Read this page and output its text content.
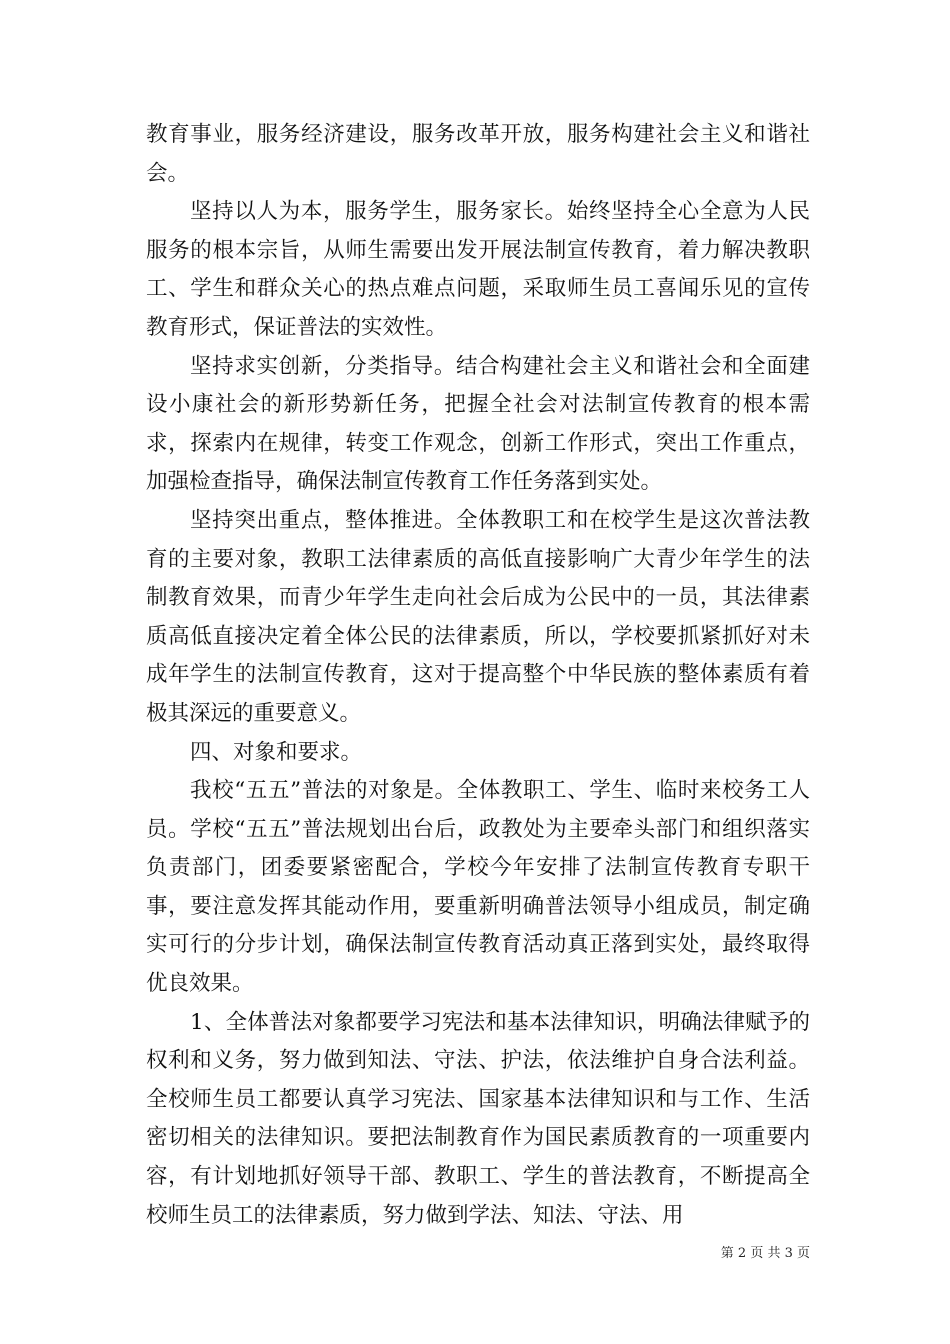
教育事业，服务经济建设，服务改革开放，服务构建社会主义和谐社会。

坚持以人为本，服务学生，服务家长。始终坚持全心全意为人民服务的根本宗旨，从师生需要出发开展法制宣传教育，着力解决教职工、学生和群众关心的热点难点问题，采取师生员工喜闻乐见的宣传教育形式，保证普法的实效性。

坚持求实创新，分类指导。结合构建社会主义和谐社会和全面建设小康社会的新形势新任务，把握全社会对法制宣传教育的根本需求，探索内在规律，转变工作观念，创新工作形式，突出工作重点，加强检查指导，确保法制宣传教育工作任务落到实处。

坚持突出重点，整体推进。全体教职工和在校学生是这次普法教育的主要对象，教职工法律素质的高低直接影响广大青少年学生的法制教育效果，而青少年学生走向社会后成为公民中的一员，其法律素质高低直接决定着全体公民的法律素质，所以，学校要抓紧抓好对未成年学生的法制宣传教育，这对于提高整个中华民族的整体素质有着极其深远的重要意义。

四、对象和要求。

我校“五五”普法的对象是。全体教职工、学生、临时来校务工人员。学校“五五”普法规划出台后，政教处为主要牵头部门和组织落实负责部门，团委要紧密配合，学校今年安排了法制宣传教育专职干事，要注意发挥其能动作用，要重新明确普法领导小组成员，制定确实可行的分步计划，确保法制宣传教育活动真正落到实处，最终取得优良效果。

1、全体普法对象都要学习宪法和基本法律知识，明确法律赋予的权利和义务，努力做到知法、守法、护法，依法维护自身合法利益。全校师生员工都要认真学习宪法、国家基本法律知识和与工作、生活密切相关的法律知识。要把法制教育作为国民素质教育的一项重要内容，有计划地抓好领导干部、教职工、学生的普法教育，不断提高全校师生员工的法律素质，努力做到学法、知法、守法、用

第 2 页 共 3 页
